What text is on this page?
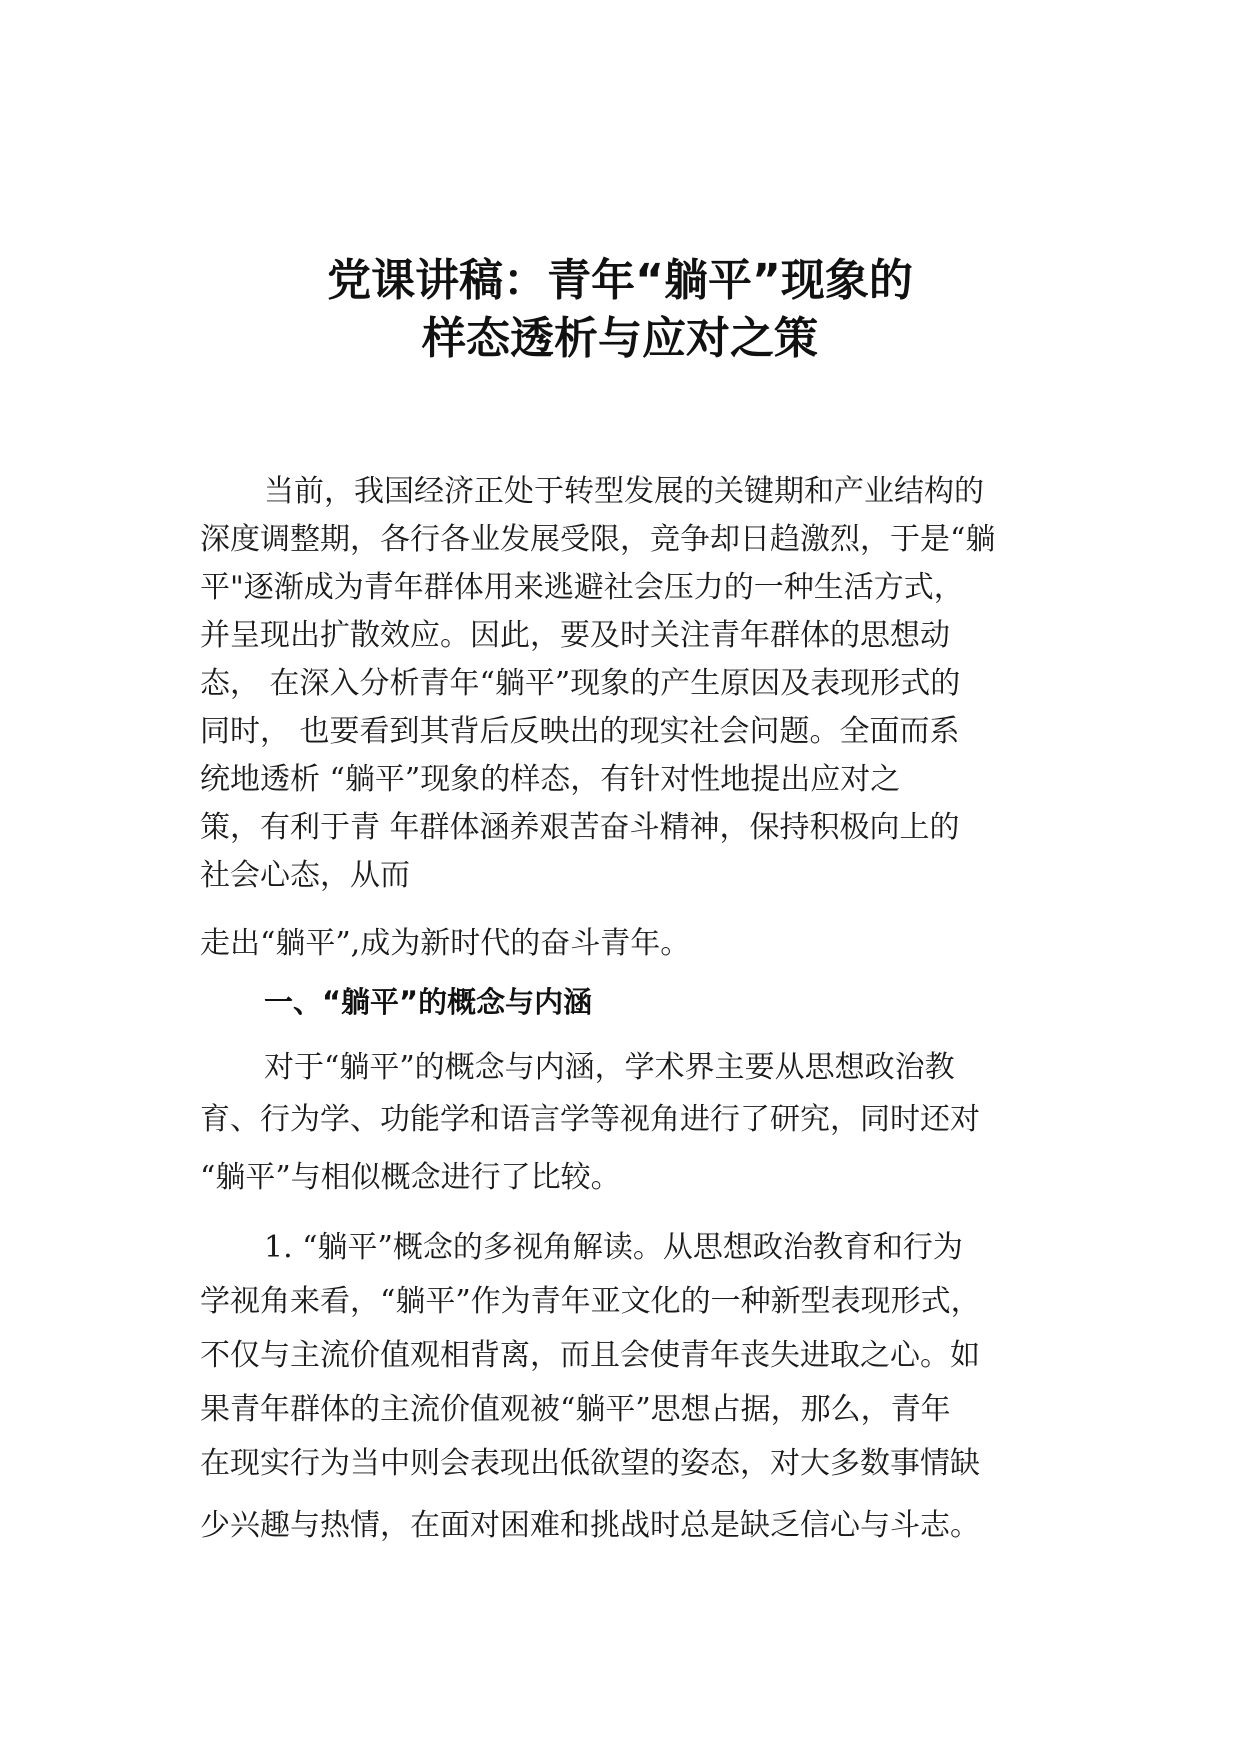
党课讲稿：青年“躺平”现象的
样态透析与应对之策
当前，我国经济正处于转型发展的关键期和产业结构的
深度调整期，各行各业发展受限，竞争却日趋激烈，于是“躺
平"逐渐成为青年群体用来逃避社会压力的一种生活方式，
并呈现出扩散效应。因此，要及时关注青年群体的思想动
态， 在深入分析青年“躺平”现象的产生原因及表现形式的
同时， 也要看到其背后反映出的现实社会问题。全面而系
统地透析 “躺平”现象的样态，有针对性地提出应对之
策，有利于青 年群体涵养艰苦奋斗精神，保持积极向上的
社会心态，从而
走出“躺平”,成为新时代的奋斗青年。
一、“躺平”的概念与内涵
对于“躺平”的概念与内涵，学术界主要从思想政治教
育、行为学、功能学和语言学等视角进行了研究，同时还对
“躺平”与相似概念进行了比较。
1. “躺平”概念的多视角解读。从思想政治教育和行为
学视角来看，“躺平”作为青年亚文化的一种新型表现形式，
不仅与主流价值观相背离，而且会使青年丧失进取之心。如
果青年群体的主流价值观被“躺平”思想占据，那么，青年
在现实行为当中则会表现出低欲望的姿态，对大多数事情缺
少兴趣与热情，在面对困难和挑战时总是缺乏信心与斗志。
